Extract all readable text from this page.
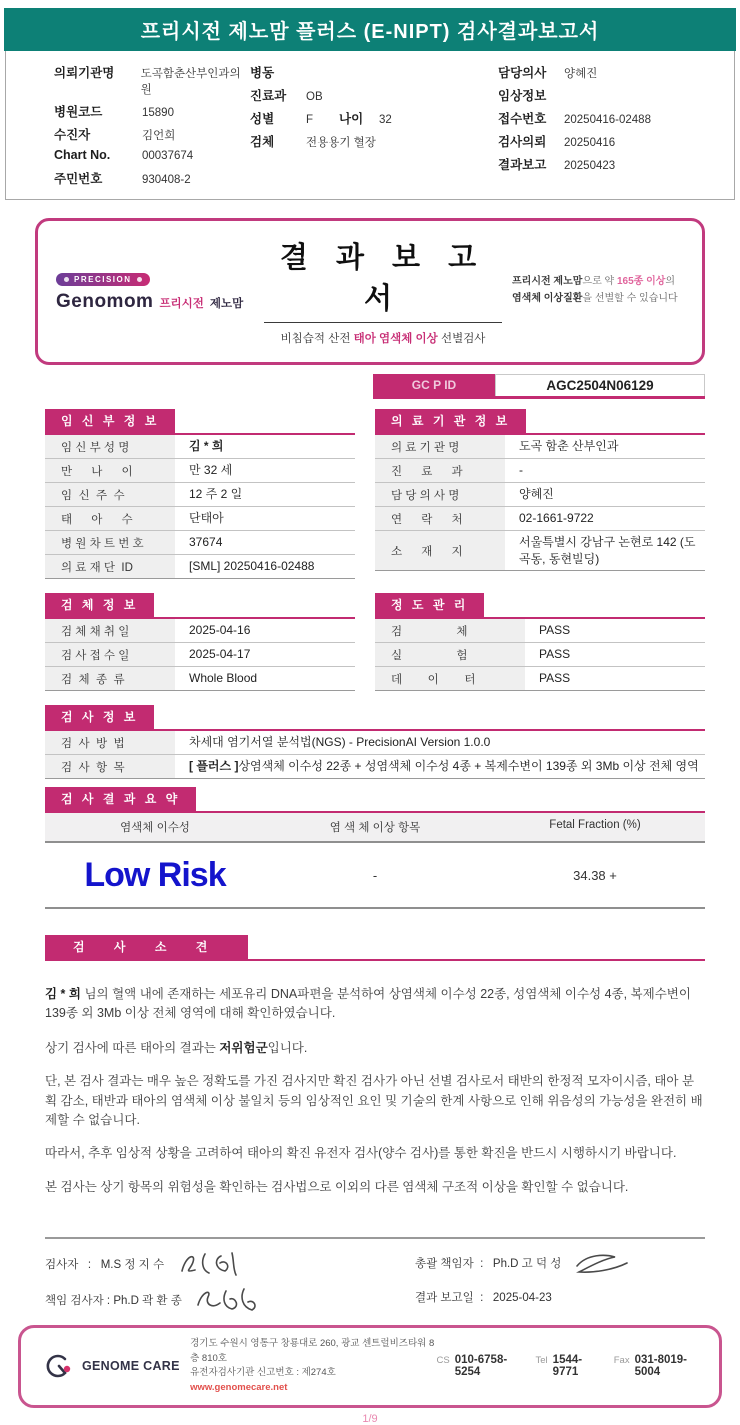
프리시전 제노맘 플러스 (E-NIPT) 검사결과보고서
의뢰기관명	도곡함춘산부인과의원
병원코드	15890
수진자	김언희
Chart No.	00037674
주민번호	930408-2
병동
진료과	OB
성별	F 나이	32
검체	전용용기 혈장
담당의사	양혜진
임상정보
접수번호	20250416-02488
검사의뢰	20250416
결과보고	20250423
PRECISION
Genomom 프리시전 제노맘
결 과 보 고 서
비침습적 산전 태아 염색체 이상 선별검사
프리시전 제노맘으로 약 165종 이상의
염색체 이상질환을 선별할 수 있습니다
GC P ID	AGC2504N06129
임 신 부 정 보
임 신 부 성 명	김 * 희
만      나      이	만 32 세
임  신  주  수	12 주 2 일
태      아      수	단태아
병 원 차 트 번 호	37674
의 료 재 단  ID	[SML] 20250416-02488
의 료 기 관 정 보
의 료 기 관 명	도곡 함춘 산부인과
진      료      과	-
담 당 의 사 명	양혜진
연      락      처	02-1661-9722
소      재      지
서울특별시 강남구 논현로 142 (도곡동, 동현빌딩)
검 체 정 보
검 체 채 취 일	2025-04-16
검 사 접 수 일	2025-04-17
검  체  종  류	Whole Blood
정 도 관 리
검                 체	PASS
실                 험	PASS
데        이        터	PASS
검 사 정 보
검  사  방  법	차세대 염기서열 분석법(NGS) - PrecisionAI Version 1.0.0
검  사  항  목	[ 플러스 ] 상염색체 이수성 22종 + 성염색체 이수성 4종 + 복제수변이 139종 외 3Mb 이상 전체 영역
검 사 결 과 요 약
염색체 이수성	염 색 체 이상 항목	Fetal Fraction (%)
Low Risk	-	34.38 +
검 사 소 견

김 * 희 님의 혈액 내에 존재하는 세포유리 DNA파편을 분석하여 상염색체 이수성 22종, 성염색체 이수성 4종, 복제수변이 139종 외 3Mb 이상 전체 영역에 대해 확인하였습니다.

상기 검사에 따른 태아의 결과는 저위험군입니다.

단, 본 검사 결과는 매우 높은 정확도를 가진 검사지만 확진 검사가 아닌 선별 검사로서 태반의 한정적 모자이시즘, 태아 분획 감소, 태반과 태아의 염색체 이상 불일치 등의 임상적인 요인 및 기술의 한계 사항으로 인해 위음성의 가능성을 완전히 배제할 수 없습니다.

따라서, 추후 임상적 상황을 고려하여 태아의 확진 유전자 검사(양수 검사)를 통한 확진을 반드시 시행하시기 바랍니다.

본 검사는 상기 항목의 위험성을 확인하는 검사법으로 이외의 다른 염색체 구조적 이상을 확인할 수 없습니다.

검사자   :   M.S 정 지 수
책임 검사자 : Ph.D 곽 환 종
총괄 책임자  :   Ph.D 고 덕 성
결과 보고일  :   2025-04-23
GENOME CARE
경기도 수원시 영통구 창룡대로 260, 광교 센트럴비즈타워 8층 810호
유전자검사기관 신고번호 : 제274호
www.genomecare.net
CS 010-6758-5254
Tel 1544-9771
Fax 031-8019-5004
1/9
